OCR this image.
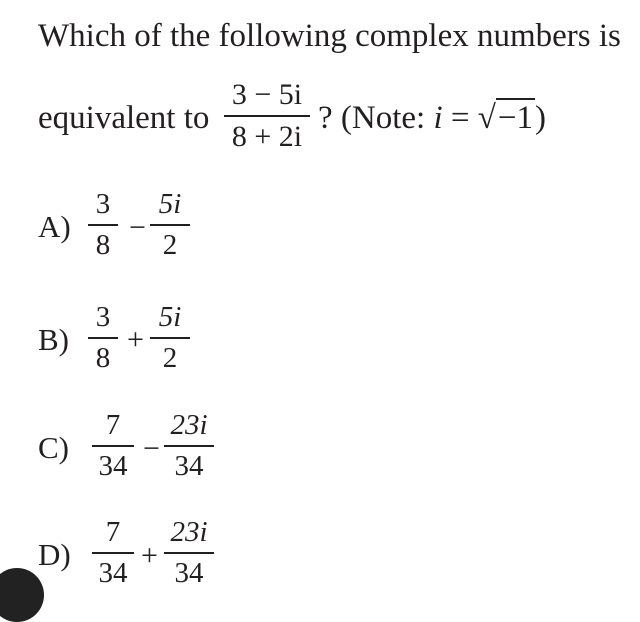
Which of the following complex numbers is
equivalent to
3 − 5i
8 + 2i
? (Note: i = √−1)
A)
3
8
−
5i
2
B)
3
8
+
5i
2
C)
7
34
−
23i
34
D)
7
34
+
23i
34
